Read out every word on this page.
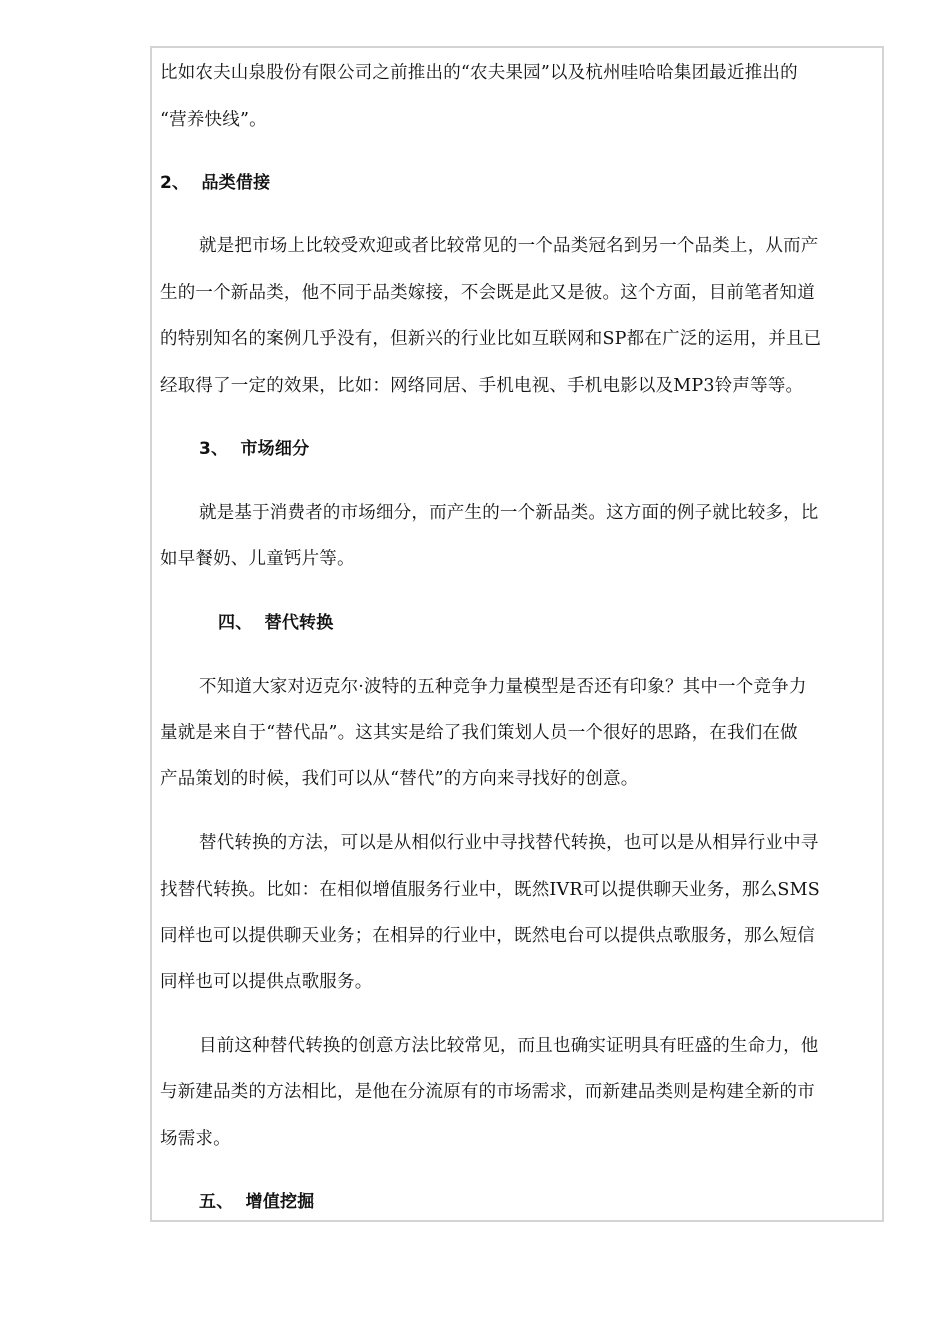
比如农夫山泉股份有限公司之前推出的“农夫果园”以及杭州哇哈哈集团最近推出的
“营养快线”。
2、  品类借接
就是把市场上比较受欢迎或者比较常见的一个品类冠名到另一个品类上，从而产
生的一个新品类，他不同于品类嫁接，不会既是此又是彼。这个方面，目前笔者知道
的特别知名的案例几乎没有，但新兴的行业比如互联网和SP都在广泛的运用，并且已
经取得了一定的效果，比如：网络同居、手机电视、手机电影以及MP3铃声等等。
3、  市场细分
就是基于消费者的市场细分，而产生的一个新品类。这方面的例子就比较多，比
如早餐奶、儿童钙片等。
四、  替代转换
不知道大家对迈克尔·波特的五种竞争力量模型是否还有印象？其中一个竞争力
量就是来自于“替代品”。这其实是给了我们策划人员一个很好的思路，在我们在做
产品策划的时候，我们可以从“替代”的方向来寻找好的创意。
替代转换的方法，可以是从相似行业中寻找替代转换，也可以是从相异行业中寻
找替代转换。比如：在相似增值服务行业中，既然IVR可以提供聊天业务，那么SMS
同样也可以提供聊天业务；在相异的行业中，既然电台可以提供点歌服务，那么短信
同样也可以提供点歌服务。
目前这种替代转换的创意方法比较常见，而且也确实证明具有旺盛的生命力，他
与新建品类的方法相比，是他在分流原有的市场需求，而新建品类则是构建全新的市
场需求。
五、  增值挖掘
